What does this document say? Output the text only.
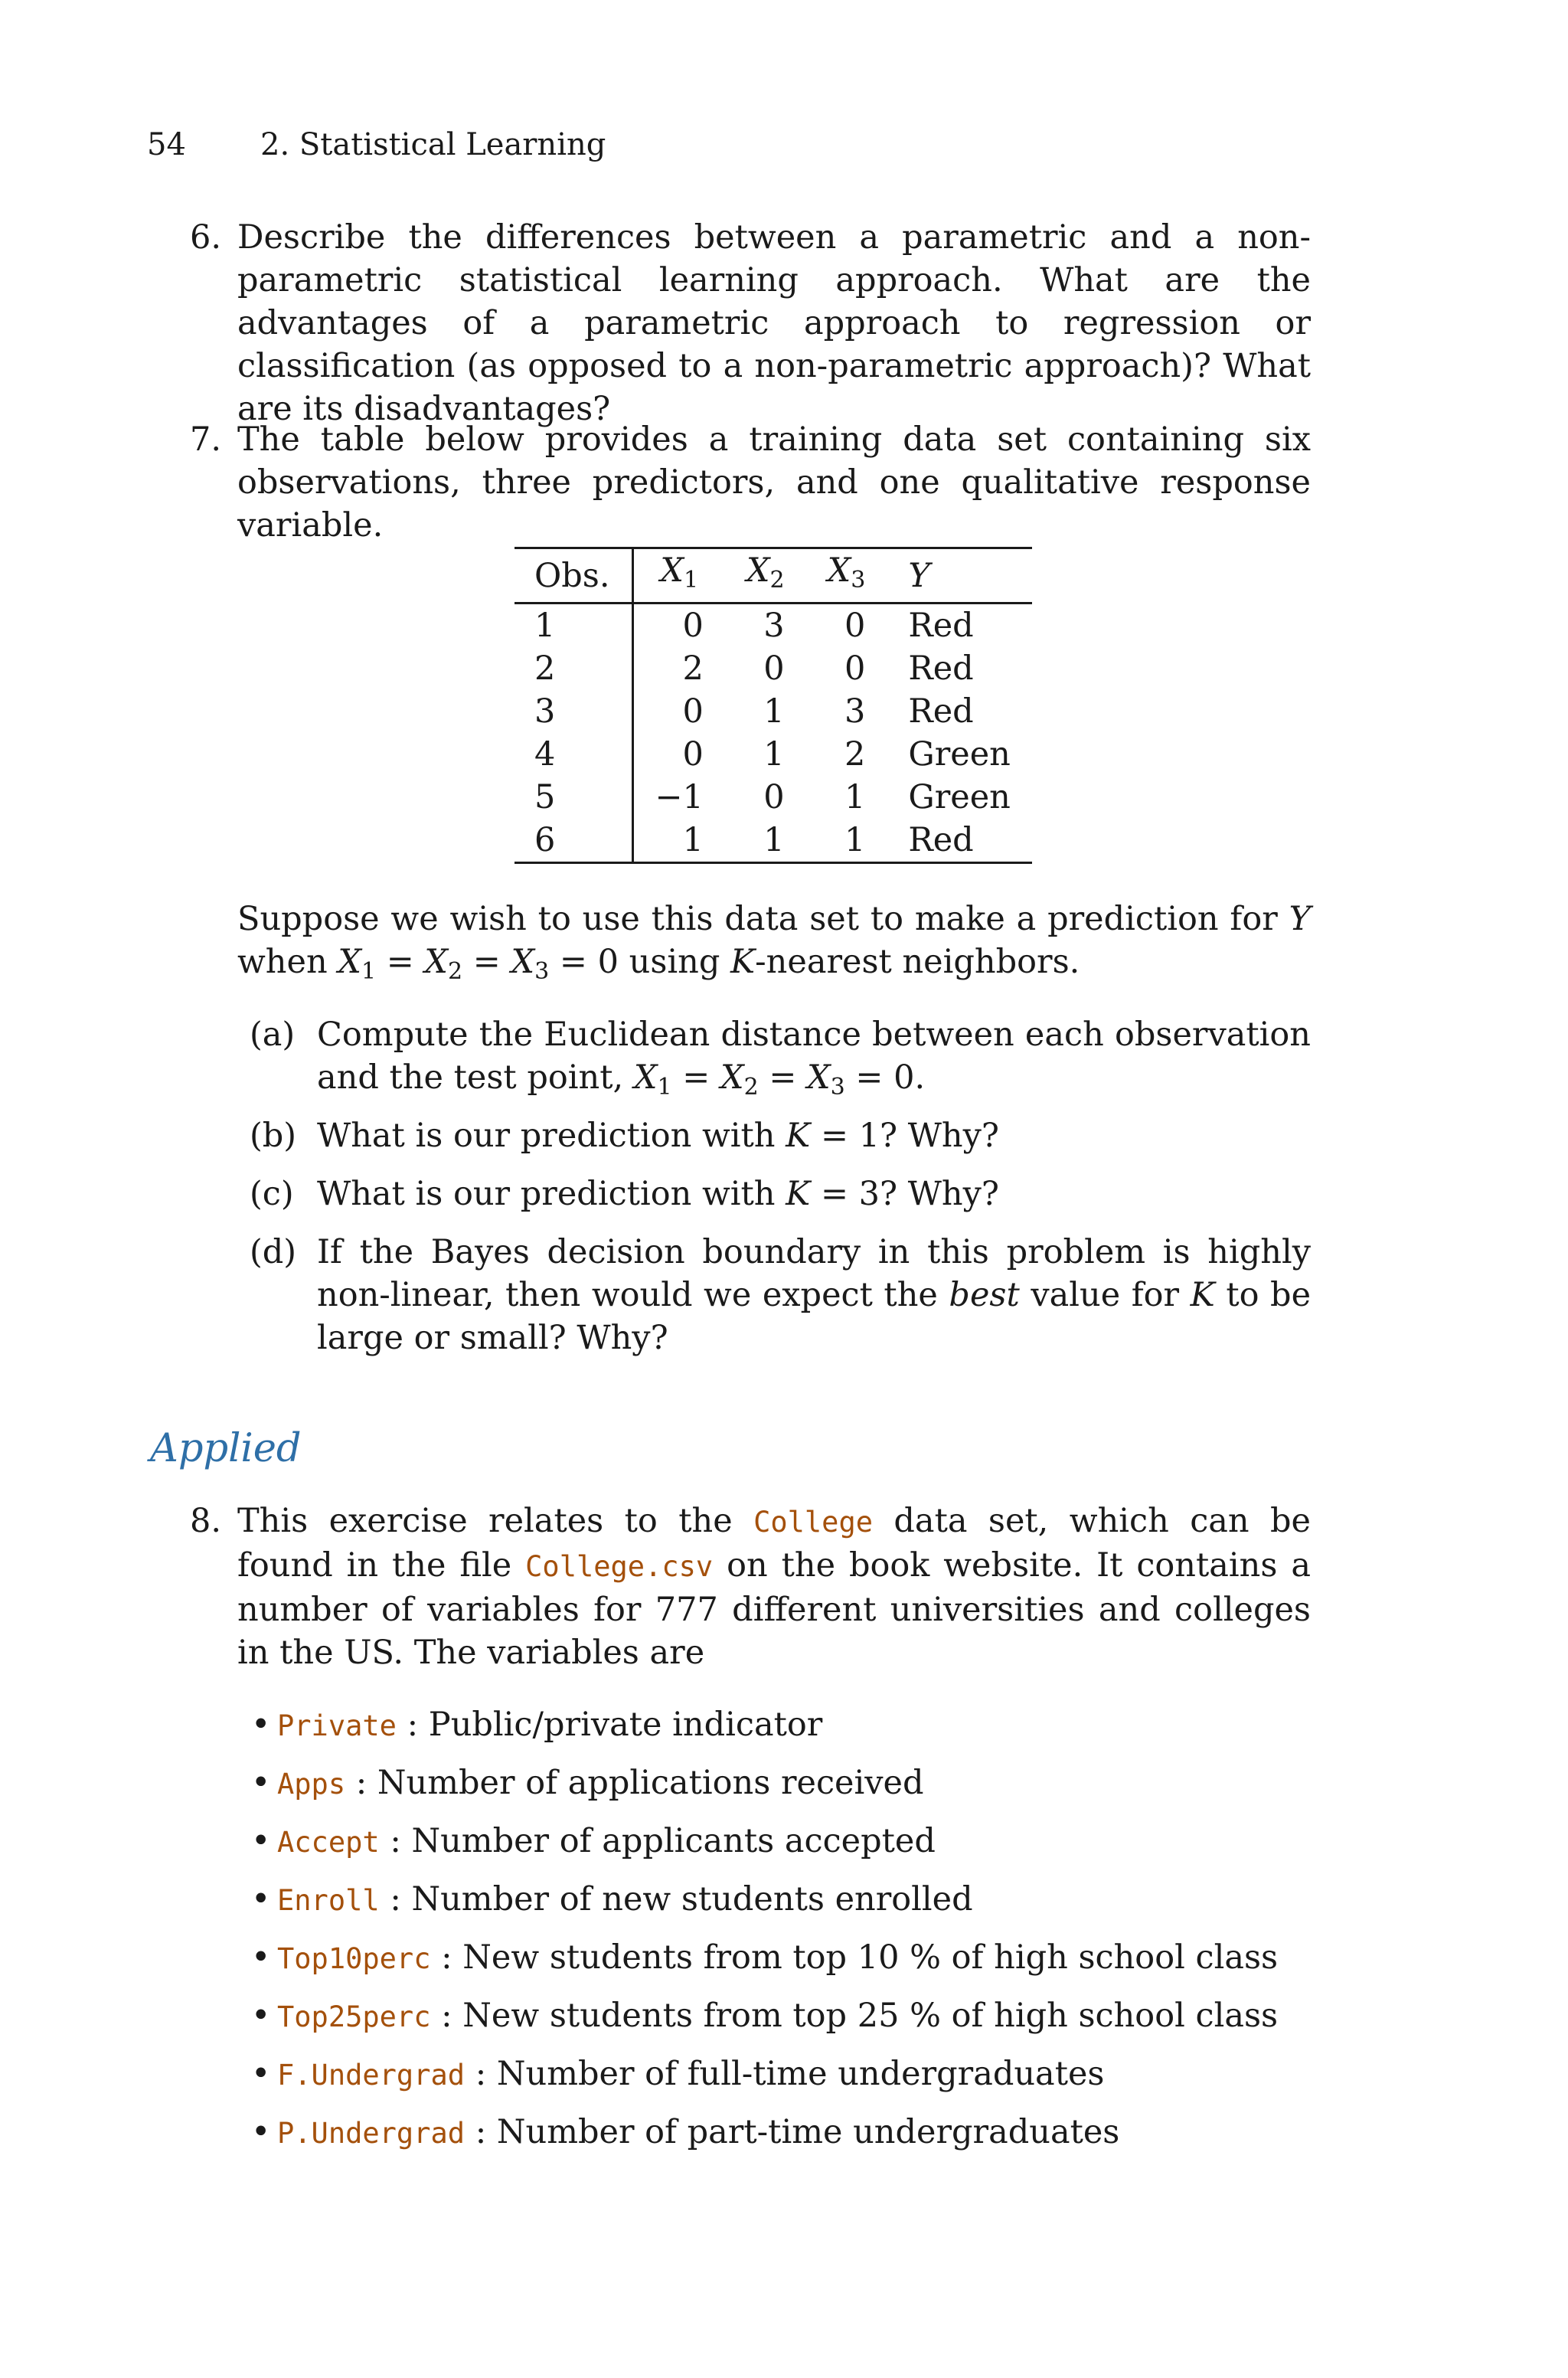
54 2. Statistical Learning
6. Describe the differences between a parametric and a non-parametric statistical learning approach. What are the advantages of a parametric approach to regression or classification (as opposed to a non-parametric approach)? What are its disadvantages?
7. The table below provides a training data set containing six observations, three predictors, and one qualitative response variable.
Obs.	$X_1$	$X_2$	$X_3$	Y
1	0	3	0	Red
2	2	0	0	Red
3	0	1	3	Red
4	0	1	2	Green
5	−1	0	1	Green
6	1	1	1	Red
Suppose we wish to use this data set to make a prediction for Y when $X_1 = X_2 = X_3 = 0$ using K-nearest neighbors.
(a) Compute the Euclidean distance between each observation and the test point, $X_1 = X_2 = X_3 = 0$.
(b) What is our prediction with K = 1? Why?
(c) What is our prediction with K = 3? Why?
(d) If the Bayes decision boundary in this problem is highly non-linear, then would we expect the best value for K to be large or small? Why?
Applied
8. This exercise relates to the College data set, which can be found in the file College.csv on the book website. It contains a number of variables for 777 different universities and colleges in the US. The variables are
• Private : Public/private indicator
• Apps : Number of applications received
• Accept : Number of applicants accepted
• Enroll : Number of new students enrolled
• Top10perc : New students from top 10 % of high school class
• Top25perc : New students from top 25 % of high school class
• F.Undergrad : Number of full-time undergraduates
• P.Undergrad : Number of part-time undergraduates
